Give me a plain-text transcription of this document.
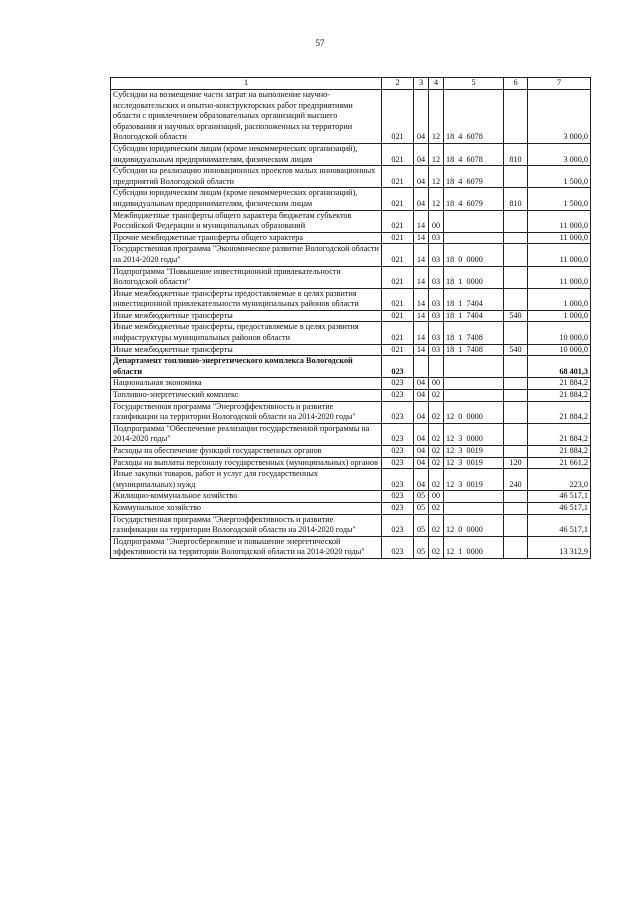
57
1	2	3	4	5	6	7
Субсидии на возмещение части затрат на выполнение научно-исследовательских и опытно-конструкторских работ предприятиями области с привлечением образовательных организаций высшего образования и научных организаций, расположенных на территории Вологодской области	021	04	12	18  4  6078		3 000,0
Субсидии юридическим лицам (кроме некоммерческих организаций), индивидуальным предпринимателям, физическим лицам	021	04	12	18  4  6078	810	3 000,0
Субсидии на реализацию инновационных проектов малых инновационных предприятий Вологодской области	021	04	12	18  4  6079		1 500,0
Субсидии юридическим лицам (кроме некоммерческих организаций), индивидуальным предпринимателям, физическим лицам	021	04	12	18  4  6079	810	1 500,0
Межбюджетные трансферты общего характера бюджетам субъектов Российской Федерации и муниципальных образований	021	14	00			11 000,0
Прочие межбюджетные трансферты общего характера	021	14	03			11 000,0
Государственная программа "Экономическое развитие Вологодской области на 2014-2020 годы"	021	14	03	18  0  0000		11 000,0
Подпрограмма "Повышение инвестиционной привлекательности Вологодской области"	021	14	03	18  1  0000		11 000,0
Иные межбюджетные трансферты предоставляемые в целях развития инвестиционной привлекательности муниципальных районов области	021	14	03	18  1  7404		1 000,0
Иные межбюджетные трансферты	021	14	03	18  1  7404	540	1 000,0
Иные межбюджетные трансферты, предоставляемые в целях развития инфраструктуры муниципальных районов области	021	14	03	18  1  7408		10 000,0
Иные межбюджетные трансферты	021	14	03	18  1  7408	540	10 000,0
Департамент топливно-энергетического комплекса Вологодской области	023					68 401,3
Национальная экономика	023	04	00			21 884,2
Топливно-энергетический комплекс	023	04	02			21 884,2
Государственная программа "Энергоэффективность и развитие газификации на территории Вологодской области на 2014-2020 годы"	023	04	02	12  0  0000		21 884,2
Подпрограмма "Обеспечение реализации государственной программы на 2014-2020 годы"	023	04	02	12  3  0000		21 884,2
Расходы на обеспечение функций государственных органов	023	04	02	12  3  0019		21 884,2
Расходы на выплаты персоналу государственных (муниципальных) органов	023	04	02	12  3  0019	120	21 661,2
Иные закупки товаров, работ и услуг для государственных (муниципальных) нужд	023	04	02	12  3  0019	240	223,0
Жилищно-коммунальное хозяйство	023	05	00			46 517,1
Коммунальное хозяйство	023	05	02			46 517,1
Государственная программа "Энергоэффективность и развитие газификации на территории Вологодской области на 2014-2020 годы"	023	05	02	12  0  0000		46 517,1
Подпрограмма "Энергосбережение и повышение энергетической эффективности на территории Вологодской области на 2014-2020 годы"	023	05	02	12  1  0000		13 312,9
